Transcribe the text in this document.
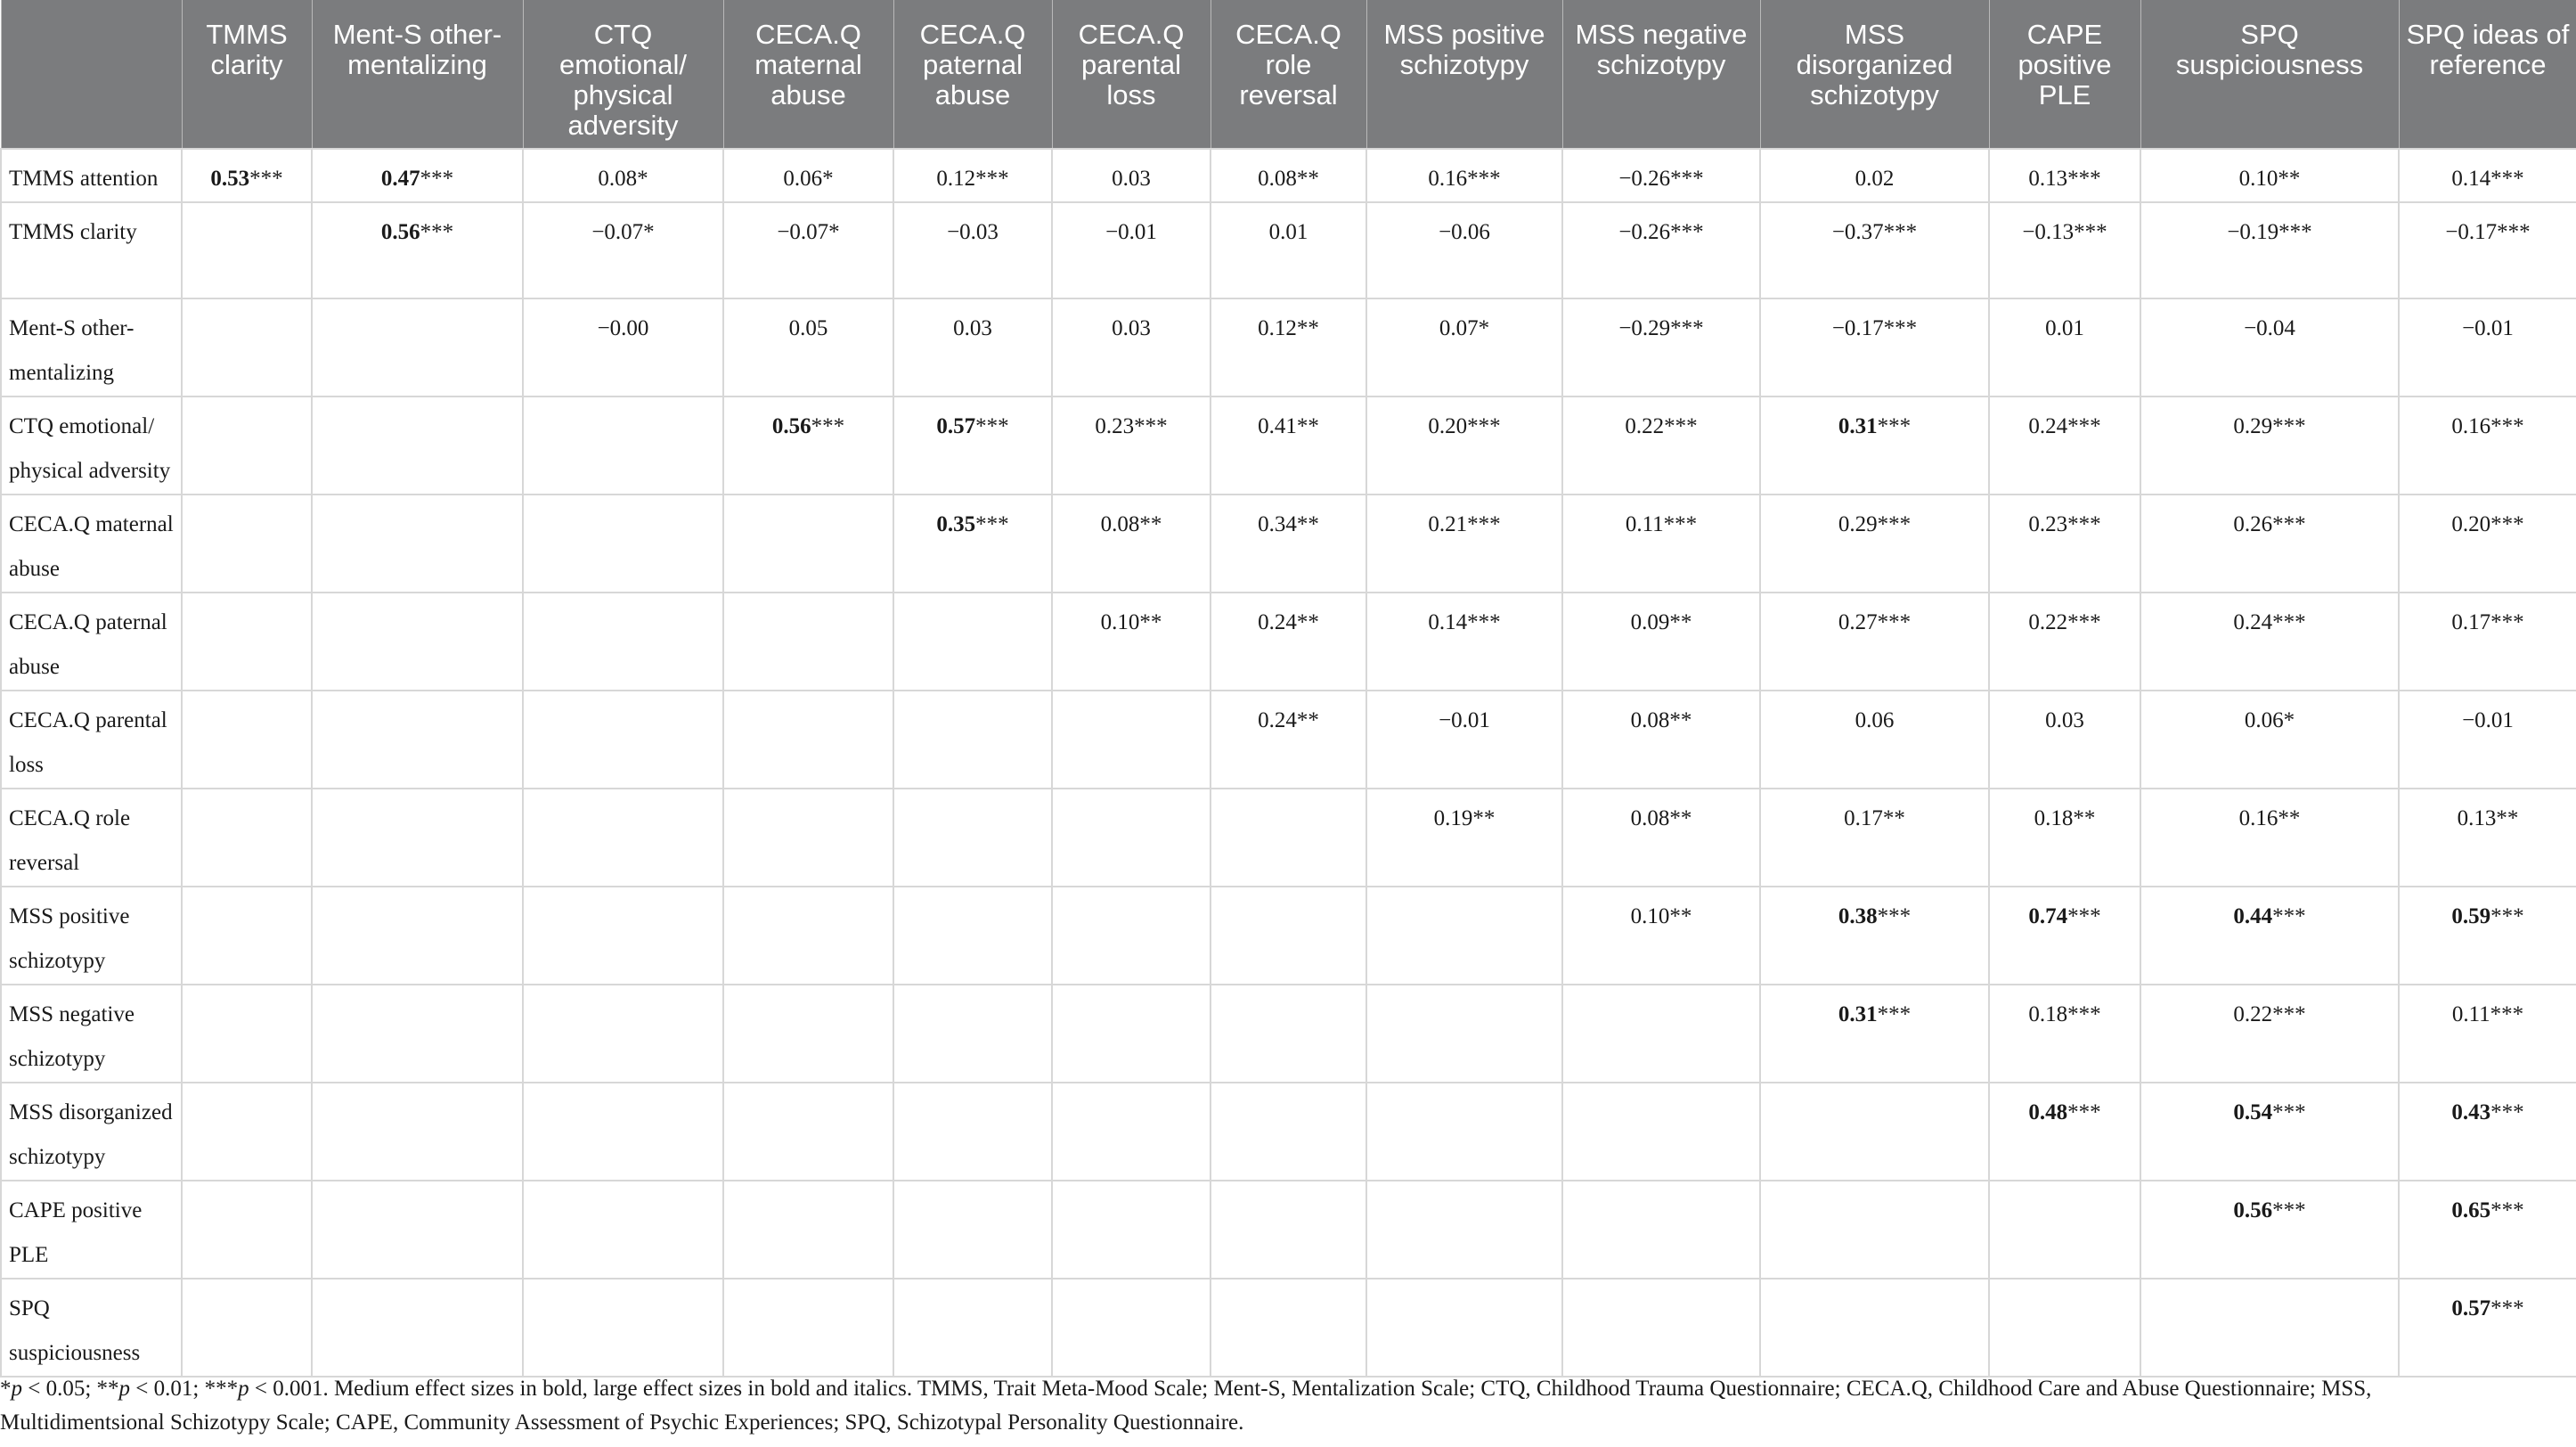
	TMMS clarity	Ment-S other-mentalizing	CTQ emotional/ physical adversity	CECA.Q maternal abuse	CECA.Q paternal abuse	CECA.Q parental loss	CECA.Q role reversal	MSS positive schizotypy	MSS negative schizotypy	MSS disorganized schizotypy	CAPE positive PLE	SPQ suspiciousness	SPQ ideas of reference
TMMS attention	0.53***	0.47***	0.08*	0.06*	0.12***	0.03	0.08**	0.16***	−0.26***	0.02	0.13***	0.10**	0.14***
TMMS clarity		0.56***	−0.07*	−0.07*	−0.03	−0.01	0.01	−0.06	−0.26***	−0.37***	−0.13***	−0.19***	−0.17***
Ment-S other-mentalizing			−0.00	0.05	0.03	0.03	0.12**	0.07*	−0.29***	−0.17***	0.01	−0.04	−0.01
CTQ emotional/ physical adversity				0.56***	0.57***	0.23***	0.41**	0.20***	0.22***	0.31***	0.24***	0.29***	0.16***
CECA.Q maternal abuse					0.35***	0.08**	0.34**	0.21***	0.11***	0.29***	0.23***	0.26***	0.20***
CECA.Q paternal abuse						0.10**	0.24**	0.14***	0.09**	0.27***	0.22***	0.24***	0.17***
CECA.Q parental loss							0.24**	−0.01	0.08**	0.06	0.03	0.06*	−0.01
CECA.Q role reversal								0.19**	0.08**	0.17**	0.18**	0.16**	0.13**
MSS positive schizotypy									0.10**	0.38***	0.74***	0.44***	0.59***
MSS negative schizotypy										0.31***	0.18***	0.22***	0.11***
MSS disorganized schizotypy											0.48***	0.54***	0.43***
CAPE positive PLE												0.56***	0.65***
SPQ suspiciousness													0.57***
*p < 0.05; **p < 0.01; ***p < 0.001. Medium effect sizes in bold, large effect sizes in bold and italics. TMMS, Trait Meta-Mood Scale; Ment-S, Mentalization Scale; CTQ, Childhood Trauma Questionnaire; CECA.Q, Childhood Care and Abuse Questionnaire; MSS,
Multidimentsional Schizotypy Scale; CAPE, Community Assessment of Psychic Experiences; SPQ, Schizotypal Personality Questionnaire.
